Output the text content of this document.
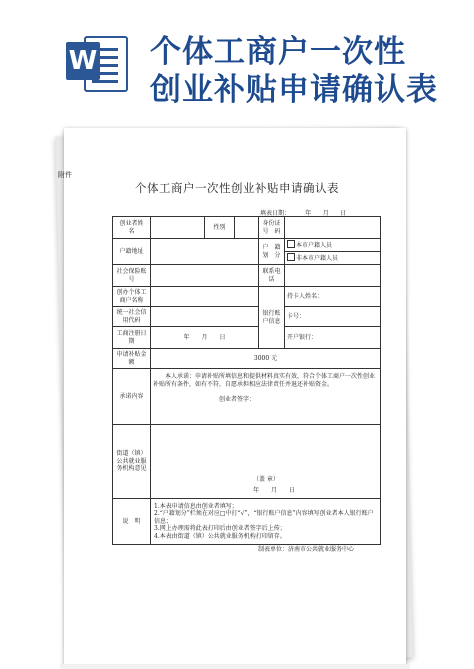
W 个体工商户一次性
创业补贴申请确认表
附件
个体工商户一次性创业补贴申请确认表
填表日期：        年      月      日
创业者姓　名		性别		身份证号　码	
户籍地址				户　籍划　分	本市户籍人员
					非本市户籍人员
社会保险账　号				联系电话	
创办个体工商户名称				银行账户信息	持卡人姓名：
统一社会信用代码					卡号：
工商注册日期	年　　月　　日				开户银行：
申请补贴金　额	3000 元				
承诺内容	本人承诺：申请补贴所填信息和提供材料真实有效，符合个体工商户一次性创业补贴所有条件，如有不符，自愿承担相应法律责任并退还补贴资金。
创业者签字：				

街道（镇）公共就业服务机构意见	（盖 章）
年　　月　　日				

说　明	1.本表申请信息由创业者填写；
2.“户籍划分”栏须在对应□中打“√”，“银行账户信息”内容填写创业者本人银行账户信息；
3.网上办理需将此表打印后由创业者签字后上传；
4.本表由街道（镇）公共就业服务机构打印留存。				
制表单位：济南市公共就业服务中心
